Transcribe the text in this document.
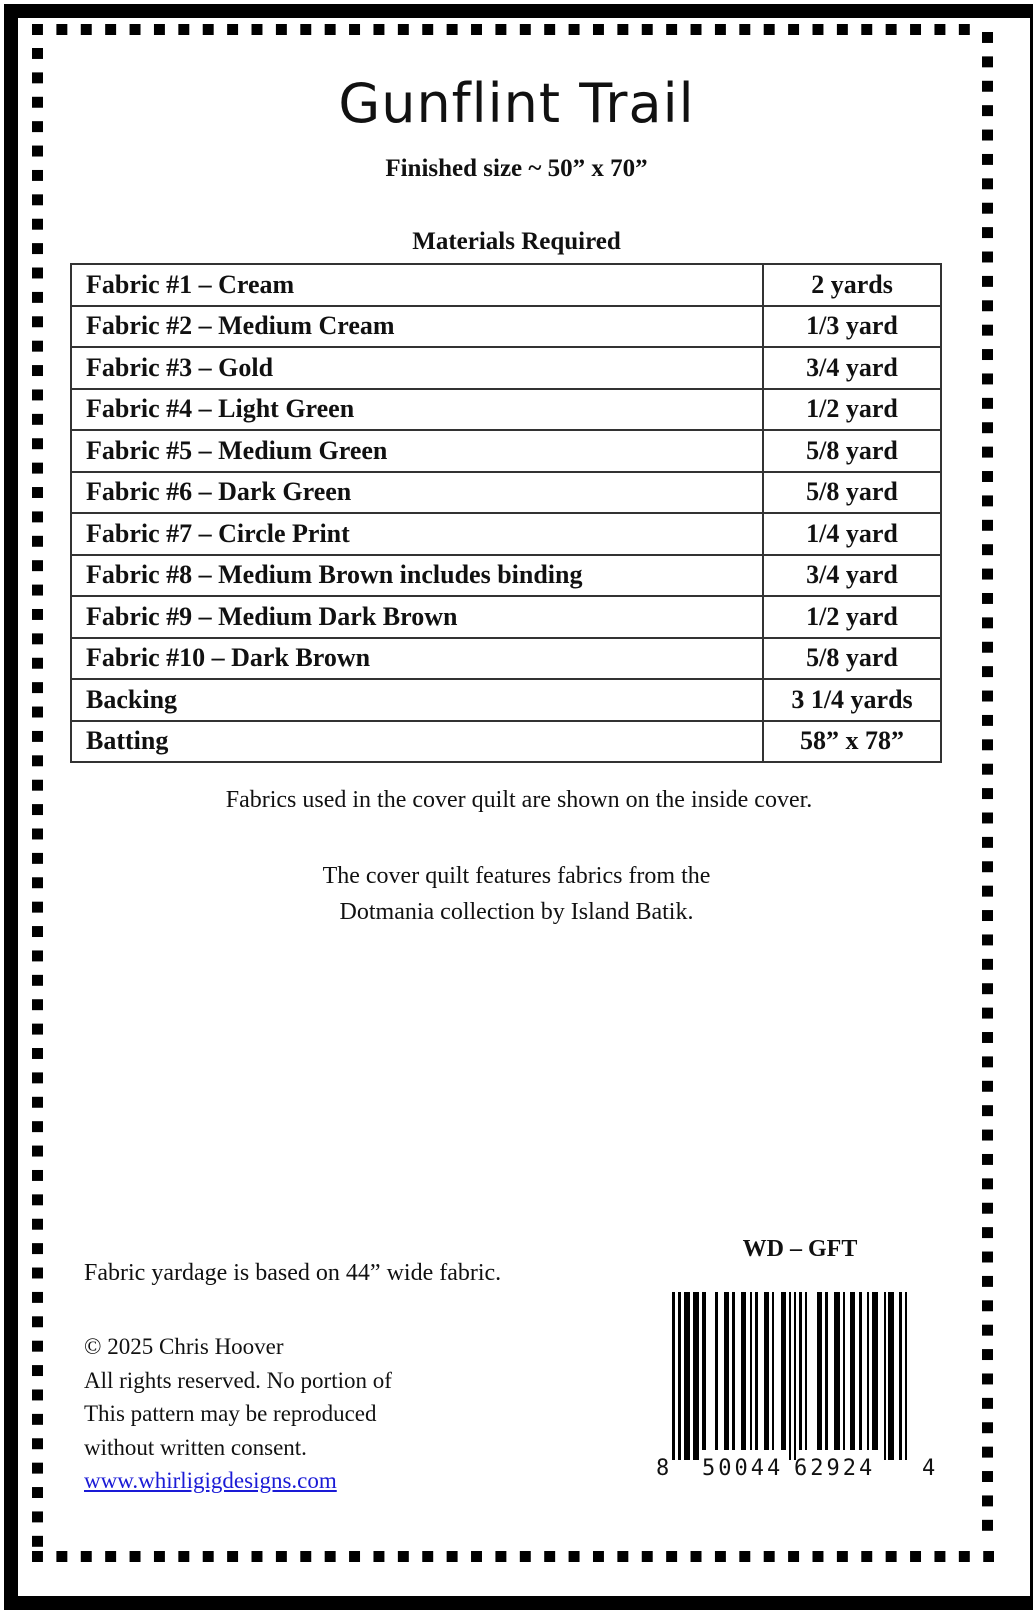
Gunflint Trail
Finished size ~ 50” x 70”
Materials Required
Fabric #1 – Cream	2 yards
Fabric #2 – Medium Cream	1/3 yard
Fabric #3 – Gold	3/4 yard
Fabric #4 – Light Green	1/2 yard
Fabric #5 – Medium Green	5/8 yard
Fabric #6 – Dark Green	5/8 yard
Fabric #7 – Circle Print	1/4 yard
Fabric #8 – Medium Brown includes binding	3/4 yard
Fabric #9 – Medium Dark Brown	1/2 yard
Fabric #10 – Dark Brown	5/8 yard
Backing	3 1/4 yards
Batting	58” x 78”
Fabrics used in the cover quilt are shown on the inside cover.
The cover quilt features fabrics from the
Dotmania collection by Island Batik.
Fabric yardage is based on 44” wide fabric.
© 2025 Chris Hoover
All rights reserved. No portion of
This pattern may be reproduced
without written consent.
www.whirligigdesigns.com
WD – GFT
8 50044 62924 4
